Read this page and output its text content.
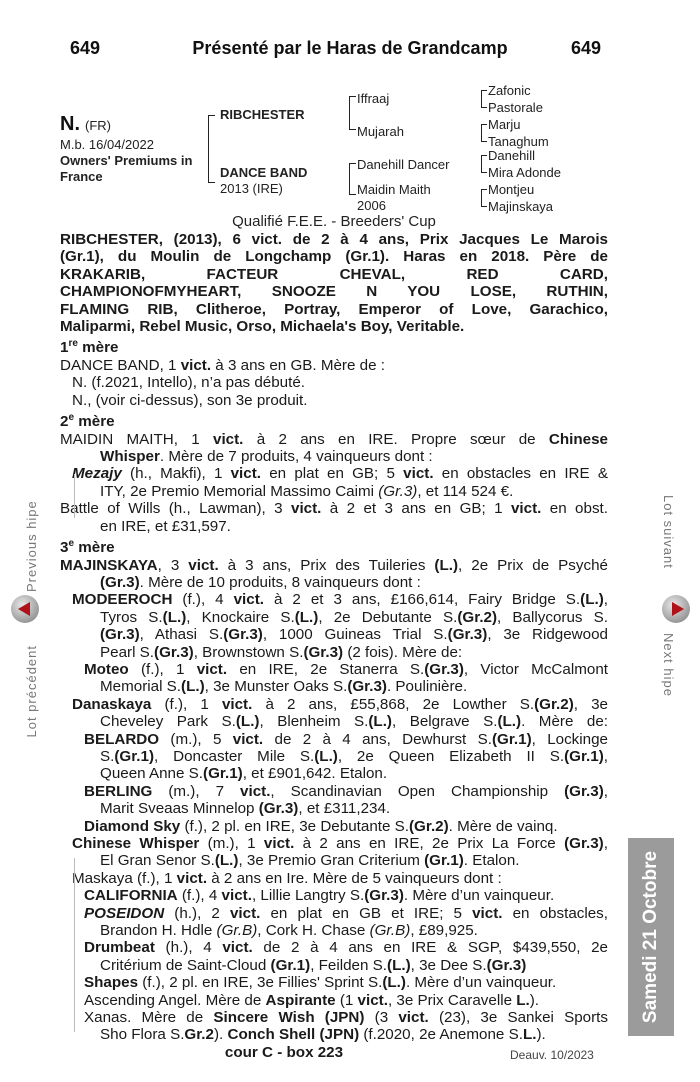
649	Présenté par le Haras de Grandcamp	649
N. (FR)
M.b. 16/04/2022
Owners' Premiums in
France
RIBCHESTER
DANCE BAND
2013 (IRE)
Iffraaj
Mujarah
Danehill Dancer
Maidin Maith
2006
Zafonic
Pastorale
Marju
Tanaghum
Danehill
Mira Adonde
Montjeu
Majinskaya
Qualifié F.E.E. - Breeders' Cup

RIBCHESTER, (2013), 6 vict. de 2 à 4 ans, Prix Jacques Le Marois

(Gr.1), du Moulin de Longchamp (Gr.1). Haras en 2018. Père de

KRAKARIB,	FACTEUR	CHEVAL,	RED	CARD,

CHAMPIONOFMYHEART, SNOOZE N YOU LOSE, RUTHIN,

FLAMING RIB, Clitheroe, Portray, Emperor of Love, Garachico,

Maliparmi, Rebel Music, Orso, Michaela's Boy, Veritable.

1re mère

DANCE BAND, 1 vict. à 3 ans en GB. Mère de :

N. (f.2021, Intello), n’a pas débuté.

N., (voir ci-dessus), son 3e produit.

2e mère

MAIDIN MAITH, 1 vict. à 2 ans en IRE. Propre sœur de Chinese

Whisper. Mère de 7 produits, 4 vainqueurs dont :

Mezajy (h., Makfi), 1 vict. en plat en GB; 5 vict. en obstacles en IRE &

ITY, 2e Premio Memorial Massimo Caimi (Gr.3), et 114 524 €.

Battle of Wills (h., Lawman), 3 vict. à 2 et 3 ans en GB; 1 vict. en obst.

en IRE, et £31,597.

3e mère

MAJINSKAYA, 3 vict. à 3 ans, Prix des Tuileries (L.), 2e Prix de Psyché

(Gr.3). Mère de 10 produits, 8 vainqueurs dont :

MODEEROCH (f.), 4 vict. à 2 et 3 ans, £166,614, Fairy Bridge S.(L.),

Tyros S.(L.), Knockaire S.(L.), 2e Debutante S.(Gr.2), Ballycorus S.

(Gr.3), Athasi S.(Gr.3), 1000 Guineas Trial S.(Gr.3), 3e Ridgewood

Pearl S.(Gr.3), Brownstown S.(Gr.3) (2 fois). Mère de:

Moteo (f.), 1 vict. en IRE, 2e Stanerra S.(Gr.3), Victor McCalmont

Memorial S.(L.), 3e Munster Oaks S.(Gr.3). Poulinière.

Danaskaya (f.), 1 vict. à 2 ans, £55,868, 2e Lowther S.(Gr.2), 3e

Cheveley Park S.(L.), Blenheim S.(L.), Belgrave S.(L.). Mère de:

BELARDO (m.), 5 vict. de 2 à 4 ans, Dewhurst S.(Gr.1), Lockinge

S.(Gr.1), Doncaster Mile S.(L.), 2e Queen Elizabeth II S.(Gr.1),

Queen Anne S.(Gr.1), et £901,642. Etalon.

BERLING (m.), 7 vict., Scandinavian Open Championship (Gr.3),

Marit Sveaas Minnelop (Gr.3), et £311,234.

Diamond Sky (f.), 2 pl. en IRE, 3e Debutante S.(Gr.2). Mère de vainq.

Chinese Whisper (m.), 1 vict. à 2 ans en IRE, 2e Prix La Force (Gr.3),

El Gran Senor S.(L.), 3e Premio Gran Criterium (Gr.1). Etalon.

Maskaya (f.), 1 vict. à 2 ans en Ire. Mère de 5 vainqueurs dont :

CALIFORNIA (f.), 4 vict., Lillie Langtry S.(Gr.3). Mère d’un vainqueur.

POSEIDON (h.), 2 vict. en plat en GB et IRE; 5 vict. en obstacles,

Brandon H. Hdle (Gr.B), Cork H. Chase (Gr.B), £89,925.

Drumbeat (h.), 4 vict. de 2 à 4 ans en IRE & SGP, $439,550, 2e

Critérium de Saint-Cloud (Gr.1), Feilden S.(L.), 3e Dee S.(Gr.3)

Shapes (f.), 2 pl. en IRE, 3e Fillies' Sprint S.(L.). Mère d’un vainqueur.

Ascending Angel. Mère de Aspirante (1 vict., 3e Prix Caravelle L.).

Xanas. Mère de Sincere Wish (JPN) (3 vict. (23), 3e Sankei Sports

Sho Flora S.Gr.2). Conch Shell (JPN) (f.2020, 2e Anemone S.L.).

cour C - box 223	Deauv. 10/2023
Lot précédent
Previous hipe	Lot suivant
Next hipe
Samedi 21 Octobre
